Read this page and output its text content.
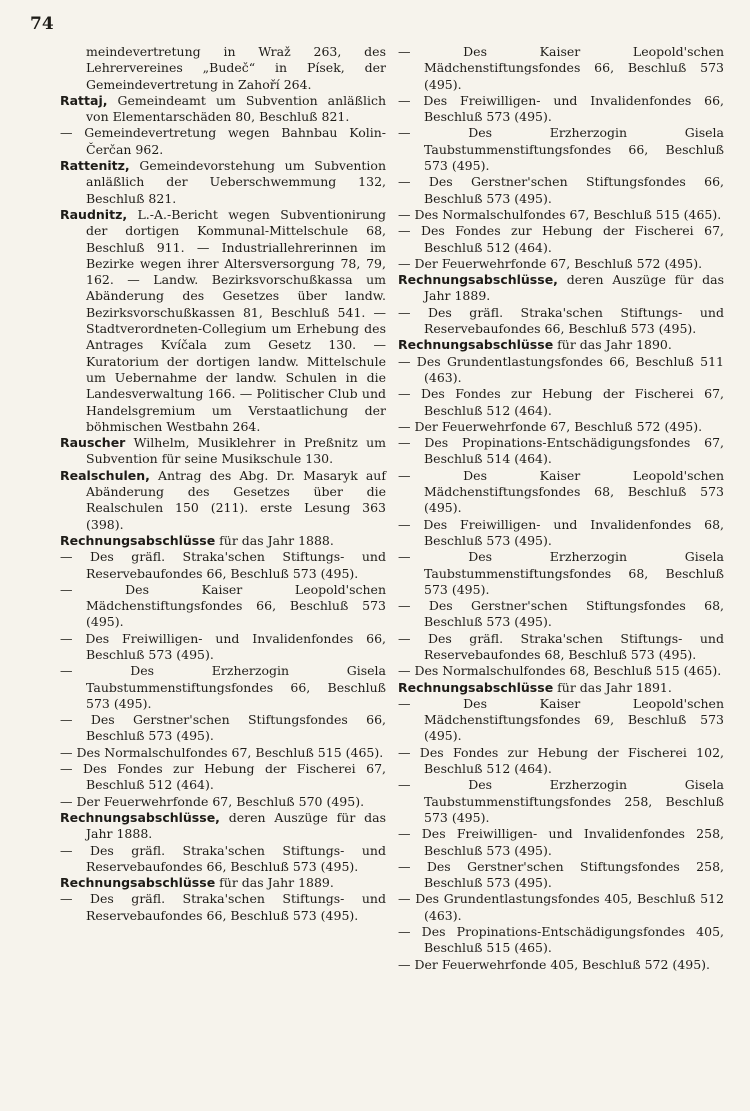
74

meindevertretung in Wraž 263, des Lehrervereines „Budeč“ in Písek, der Gemeindevertretung in Zahoří 264.

Rattaj, Gemeindeamt um Subvention anläßlich von Elementarschäden 80, Beschluß 821.

— Gemeindevertretung wegen Bahnbau Kolin-Čerčan 962.

Rattenitz, Gemeindevorstehung um Subvention anläßlich der Ueberschwemmung 132, Beschluß 821.

Raudnitz, L.-A.-Bericht wegen Subventionirung der dortigen Kommunal-Mittelschule 68, Beschluß 911. — Industriallehrerinnen im Bezirke wegen ihrer Altersversorgung 78, 79, 162. — Landw. Bezirksvorschußkassa um Abänderung des Gesetzes über landw. Bezirksvorschußkassen 81, Beschluß 541. — Stadtverordneten-Collegium um Erhebung des Antrages Kvíčala zum Gesetz 130. — Kuratorium der dortigen landw. Mittelschule um Uebernahme der landw. Schulen in die Landesverwaltung 166. — Politischer Club und Handelsgremium um Verstaatlichung der böhmischen Westbahn 264.

Rauscher Wilhelm, Musiklehrer in Preßnitz um Subvention für seine Musikschule 130.

Realschulen, Antrag des Abg. Dr. Masaryk auf Abänderung des Gesetzes über die Realschulen 150 (211). erste Lesung 363 (398).

Rechnungsabschlüsse für das Jahr 1888.

— Des gräfl. Straka'schen Stiftungs- und Reservebaufondes 66, Beschluß 573 (495).

— Des Kaiser Leopold'schen Mädchenstiftungsfondes 66, Beschluß 573 (495).

— Des Freiwilligen- und Invalidenfondes 66, Beschluß 573 (495).

— Des Erzherzogin Gisela Taubstummenstiftungsfondes 66, Beschluß 573 (495).

— Des Gerstner'schen Stiftungsfondes 66, Beschluß 573 (495).

— Des Normalschulfondes 67, Beschluß 515 (465).

— Des Fondes zur Hebung der Fischerei 67, Beschluß 512 (464).

— Der Feuerwehrfonde 67, Beschluß 570 (495).

Rechnungsabschlüsse, deren Auszüge für das Jahr 1888.

— Des gräfl. Straka'schen Stiftungs- und Reservebaufondes 66, Beschluß 573 (495).

Rechnungsabschlüsse für das Jahr 1889.

— Des gräfl. Straka'schen Stiftungs- und Reservebaufondes 66, Beschluß 573 (495).

— Des Kaiser Leopold'schen Mädchenstiftungsfondes 66, Beschluß 573 (495).

— Des Freiwilligen- und Invalidenfondes 66, Beschluß 573 (495).

— Des Erzherzogin Gisela Taubstummenstiftungsfondes 66, Beschluß 573 (495).

— Des Gerstner'schen Stiftungsfondes 66, Beschluß 573 (495).

— Des Normalschulfondes 67, Beschluß 515 (465).

— Des Fondes zur Hebung der Fischerei 67, Beschluß 512 (464).

— Der Feuerwehrfonde 67, Beschluß 572 (495).

Rechnungsabschlüsse, deren Auszüge für das Jahr 1889.

— Des gräfl. Straka'schen Stiftungs- und Reservebaufondes 66, Beschluß 573 (495).

Rechnungsabschlüsse für das Jahr 1890.

— Des Grundentlastungsfondes 66, Beschluß 511 (463).

— Des Fondes zur Hebung der Fischerei 67, Beschluß 512 (464).

— Der Feuerwehrfonde 67, Beschluß 572 (495).

— Des Propinations-Entschädigungsfondes 67, Beschluß 514 (464).

— Des Kaiser Leopold'schen Mädchenstiftungsfondes 68, Beschluß 573 (495).

— Des Freiwilligen- und Invalidenfondes 68, Beschluß 573 (495).

— Des Erzherzogin Gisela Taubstummenstiftungsfondes 68, Beschluß 573 (495).

— Des Gerstner'schen Stiftungsfondes 68, Beschluß 573 (495).

— Des gräfl. Straka'schen Stiftungs- und Reservebaufondes 68, Beschluß 573 (495).

— Des Normalschulfondes 68, Beschluß 515 (465).

Rechnungsabschlüsse für das Jahr 1891.

— Des Kaiser Leopold'schen Mädchenstiftungsfondes 69, Beschluß 573 (495).

— Des Fondes zur Hebung der Fischerei 102, Beschluß 512 (464).

— Des Erzherzogin Gisela Taubstummenstiftungsfondes 258, Beschluß 573 (495).

— Des Freiwilligen- und Invalidenfondes 258, Beschluß 573 (495).

— Des Gerstner'schen Stiftungsfondes 258, Beschluß 573 (495).

— Des Grundentlastungsfondes 405, Beschluß 512 (463).

— Des Propinations-Entschädigungsfondes 405, Beschluß 515 (465).

— Der Feuerwehrfonde 405, Beschluß 572 (495).
